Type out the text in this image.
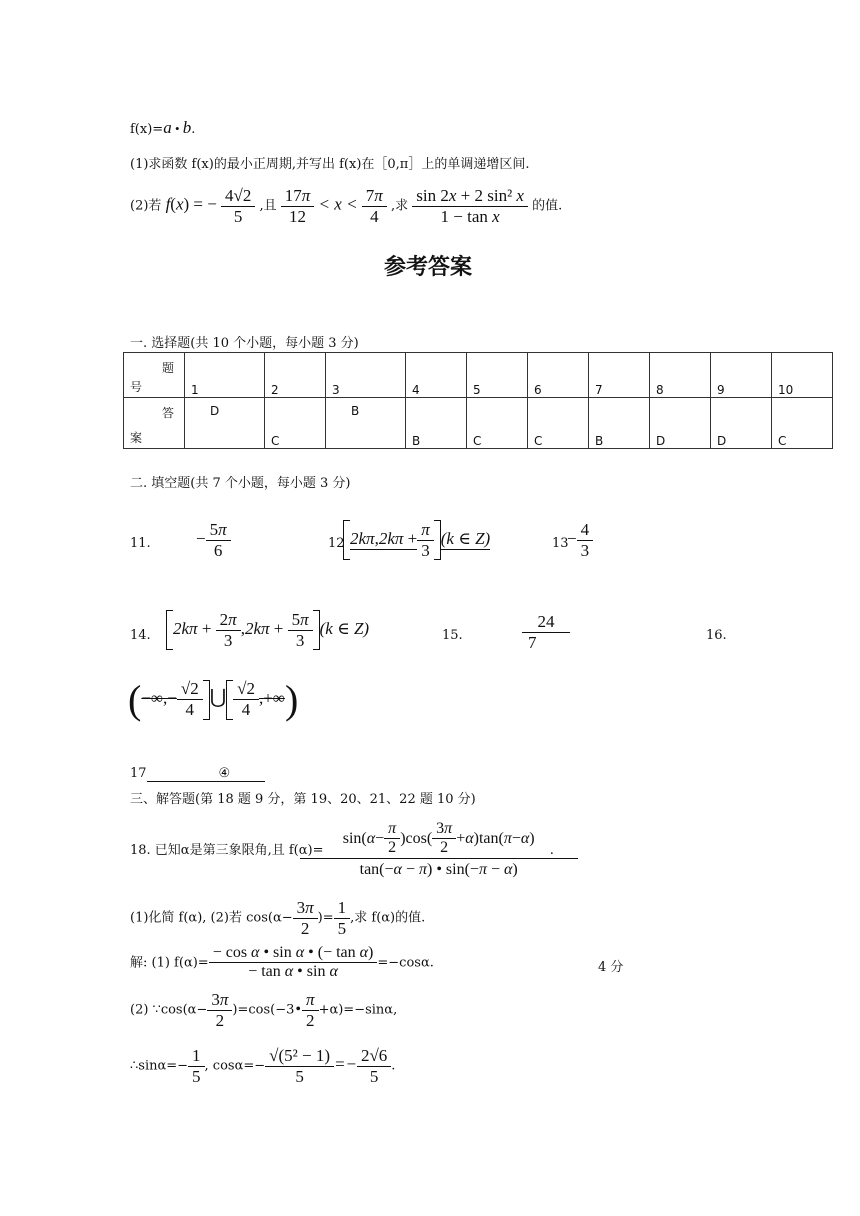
f(x)=a • b.
(1)求函数 f(x)的最小正周期,并写出 f(x)在［0,π］上的单调递增区间.
(2)若 f(x) = − $\frac{4√2}{5}$ ,且 $\frac{17\pi}{12} < x < \frac{7\pi}{4}$ ,求 $\frac{\text{sin 2x + 2 sin² x}}{\text{1 − tan x}}$ 的值.
参考答案
一. 选择题(共 10 个小题，每小题 3 分)
题
号	1	2	3	4	5	6	7	8	9	10

答
案	D	C	B	B	C	C	B	D	D	C
二. 填空题(共 7 个小题，每小题 3 分)
11.	− $\frac{5\pi}{6}$	12 $2k\pi,2k\pi + \frac{\pi}{3} (k$ ∈ Z)	13
− $\frac{4}{3}$
14.	$2k\pi + \frac{2\pi}{3} ,2k\pi + \frac{5\pi}{3} (k$ ∈ Z)	15.	$\frac{24}{7}$	16.
(−∞,− $\frac{√2}{4}$ ⋃ $\frac{√2}{4}$ ,+∞)
17	④
三、解答题(第 18 题 9 分，第 19、20、21、22 题 10 分)
18. 已知α是第三象限角,且 $f(\alpha)= \frac{\sin( \alpha - \frac{\pi}{2} )\cos( \frac{3\pi}{2} + \alpha )\tan( \pi - \alpha )}{\tan(-\alpha - \pi) • \sin(-\pi - \alpha)}$ .
(1)化简 f(α), (2)若 $\cos(\alpha- \frac{3\pi}{2}$ )= $\frac{1}{5}$ ,求 f(α)的值.
解: (1) $f(\alpha)= \frac{\text{− cos α • sin α • (− tan α)}}{\text{− tan α • sin α}} =-\cos\alpha$.	4 分
(2) ∵cos(α− $\frac{3\pi}{2}$ )=cos(−3• $\frac{\pi}{2} +\alpha)=-\sin\alpha$,
∴sinα=− $\frac{1}{5}$ , $\cos\alpha=- \frac{\text{√(5² − 1)}}{5} =- \frac{2√6}{5}$ .
